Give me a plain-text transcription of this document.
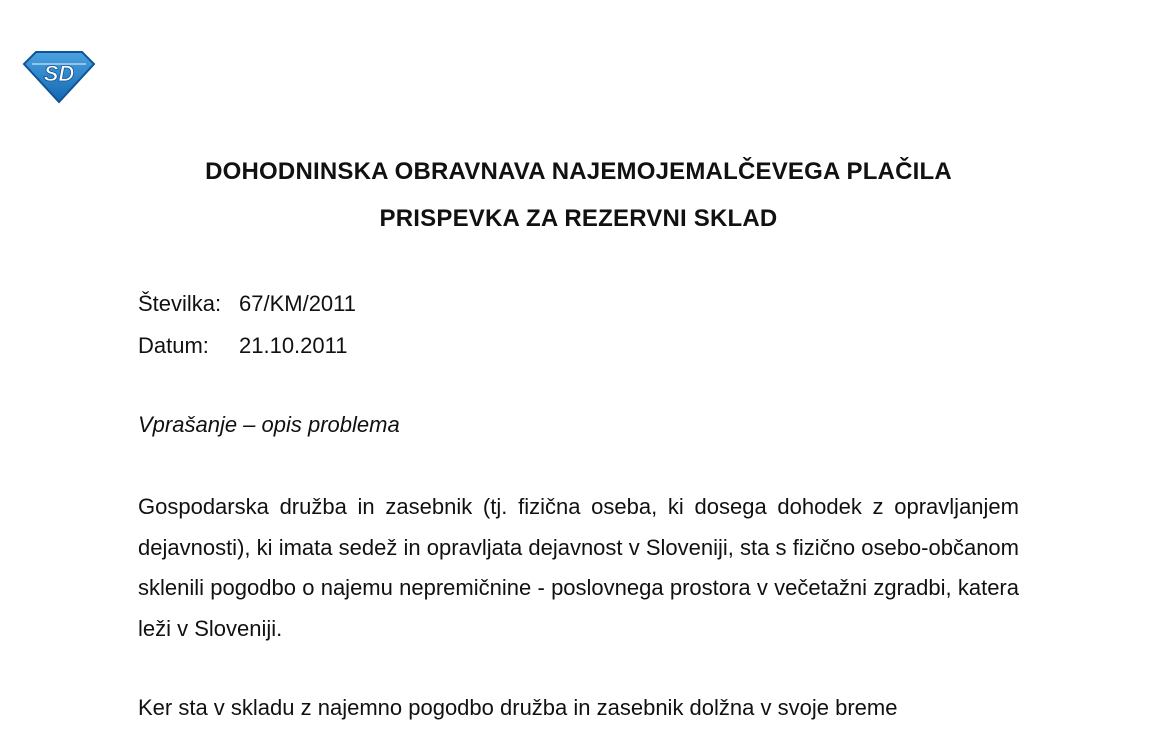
SD
DOHODNINSKA OBRAVNAVA NAJEMOJEMALČEVEGA PLAČILA
PRISPEVKA ZA REZERVNI SKLAD
Številka: 67/KM/2011
Datum: 21.10.2011
Vprašanje – opis problema
Gospodarska družba in zasebnik (tj. fizična oseba, ki dosega dohodek z opravljanjem dejavnosti), ki imata sedež in opravljata dejavnost v Sloveniji, sta s fizično osebo-občanom sklenili pogodbo o najemu nepremičnine - poslovnega prostora v večetažni zgradbi, katera leži v Sloveniji.
Ker sta v skladu z najemno pogodbo družba in zasebnik dolžna v svoje breme
